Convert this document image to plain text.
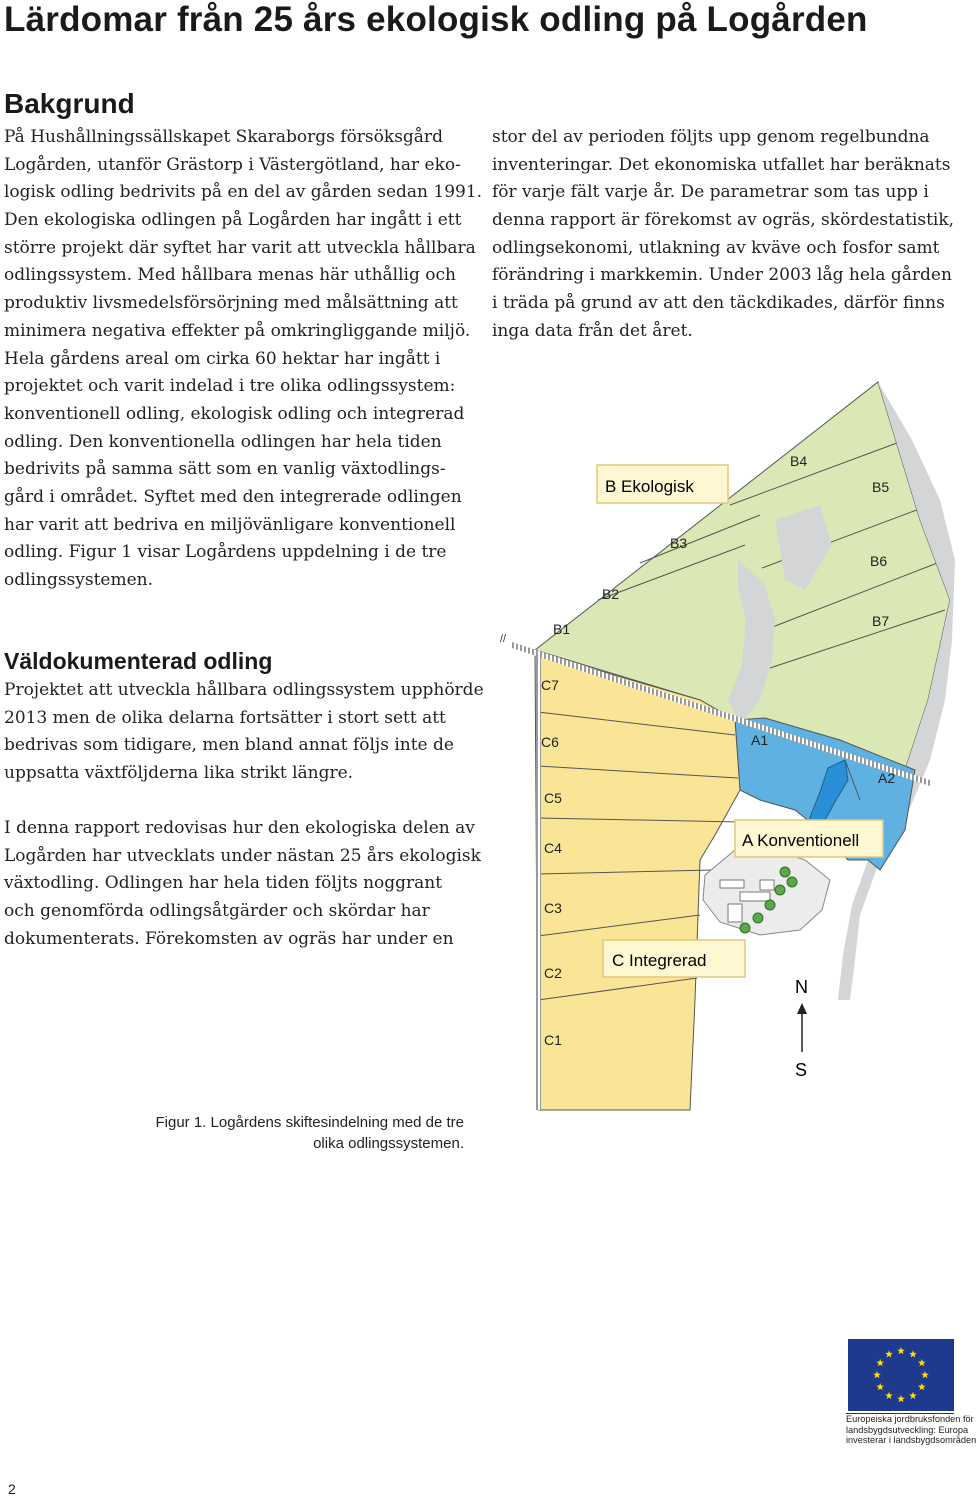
Lärdomar från 25 års ekologisk odling på Logården
Bakgrund
På Hushållningssällskapet Skaraborgs försöksgård
Logården, utanför Grästorp i Västergötland, har eko-
logisk odling bedrivits på en del av gården sedan 1991.
Den ekologiska odlingen på Logården har ingått i ett
större projekt där syftet har varit att utveckla hållbara
odlingssystem. Med hållbara menas här uthållig och
produktiv livsmedelsförsörjning med målsättning att
minimera negativa effekter på omkringliggande miljö.
Hela gårdens areal om cirka 60 hektar har ingått i
projektet och varit indelad i tre olika odlingssystem:
konventionell odling, ekologisk odling och integrerad
odling. Den konventionella odlingen har hela tiden
bedrivits på samma sätt som en vanlig växtodlings-
gård i området. Syftet med den integrerade odlingen
har varit att bedriva en miljövänligare konventionell
odling. Figur 1 visar Logårdens uppdelning i de tre
odlingssystemen.
Väldokumenterad odling
Projektet att utveckla hållbara odlingssystem upphörde
2013 men de olika delarna fortsätter i stort sett att
bedrivas som tidigare, men bland annat följs inte de
uppsatta växtföljderna lika strikt längre.
I denna rapport redovisas hur den ekologiska delen av
Logården har utvecklats under nästan 25 års ekologisk
växtodling. Odlingen har hela tiden följts noggrant
och genomförda odlingsåtgärder och skördar har
dokumenterats. Förekomsten av ogräs har under en
stor del av perioden följts upp genom regelbundna
inventeringar. Det ekonomiska utfallet har beräknats
för varje fält varje år. De parametrar som tas upp i
denna rapport är förekomst av ogräs, skördestatistik,
odlingsekonomi, utlakning av kväve och fosfor samt
förändring i markkemin. Under 2003 låg hela gården
i träda på grund av att den täckdikades, därför finns
inga data från det året.
//
B Ekologisk
A Konventionell
C Integrerad
B1
B2
B3
B4
B5
B6
B7
A1
A2
C7
C6
C5
C4
C3
C2
C1
N
S
Figur 1. Logårdens skiftesindelning med de tre
olika odlingssystemen.
Europeiska jordbruksfonden för
landsbygdsutveckling: Europa
investerar i landsbygdsområden
2
